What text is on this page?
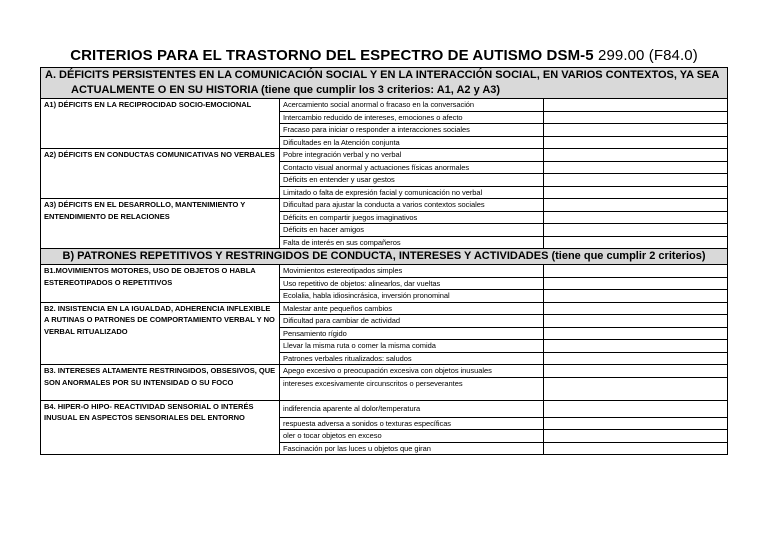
CRITERIOS PARA EL TRASTORNO DEL ESPECTRO DE AUTISMO DSM-5 299.00 (F84.0)
A. DÉFICITS PERSISTENTES EN LA COMUNICACIÓN SOCIAL Y EN LA INTERACCIÓN SOCIAL, EN VARIOS CONTEXTOS, YA SEA
ACTUALMENTE O EN SU HISTORIA (tiene que cumplir los 3 criterios: A1, A2 y A3)		
A1) DÉFICITS EN LA RECIPROCIDAD SOCIO-EMOCIONAL	Acercamiento social anormal o fracaso en la conversación	
	Intercambio reducido de intereses, emociones o afecto	
	Fracaso para iniciar o responder a interacciones sociales	
	Dificultades en la Atención conjunta	
A2) DÉFICITS EN CONDUCTAS COMUNICATIVAS NO VERBALES	Pobre integración verbal y no verbal	
	Contacto visual anormal y actuaciones físicas anormales	
	Déficits en entender y usar gestos	
	Limitado o falta de expresión facial y comunicación no verbal	
A3) DÉFICITS EN EL DESARROLLO, MANTENIMIENTO Y ENTENDIMIENTO DE RELACIONES	Dificultad para ajustar la conducta a varios contextos sociales	
	Déficits en compartir juegos imaginativos	
	Déficits en hacer amigos	
	Falta de interés en sus compañeros	
B) PATRONES REPETITIVOS Y RESTRINGIDOS DE CONDUCTA, INTERESES Y ACTIVIDADES (tiene que cumplir 2 criterios)		
B1.MOVIMIENTOS MOTORES, USO DE OBJETOS O HABLA ESTEREOTIPADOS O REPETITIVOS	Movimientos estereotipados simples	
	Uso repetitivo de objetos: alinearlos, dar vueltas	
	Ecolalia, habla idiosincrásica, inversión pronominal	
B2. INSISTENCIA EN LA IGUALDAD, ADHERENCIA INFLEXIBLE A RUTINAS O PATRONES DE COMPORTAMIENTO VERBAL Y NO VERBAL RITUALIZADO	Malestar ante pequeños cambios	
	Dificultad para cambiar de actividad	
	Pensamiento rígido	
	Llevar la misma ruta o comer la misma comida	
	Patrones verbales ritualizados: saludos	
B3. INTERESES ALTAMENTE RESTRINGIDOS, OBSESIVOS, QUE SON ANORMALES POR SU INTENSIDAD O SU FOCO	Apego excesivo o preocupación excesiva con objetos inusuales	
	intereses excesivamente circunscritos o perseverantes	
B4. HIPER-O HIPO- REACTIVIDAD SENSORIAL O INTERÉS INUSUAL EN ASPECTOS SENSORIALES DEL ENTORNO	indiferencia aparente al dolor/temperatura	
	respuesta adversa a sonidos o texturas específicas	
	oler o tocar objetos en exceso	
	Fascinación por las luces u objetos que giran	
